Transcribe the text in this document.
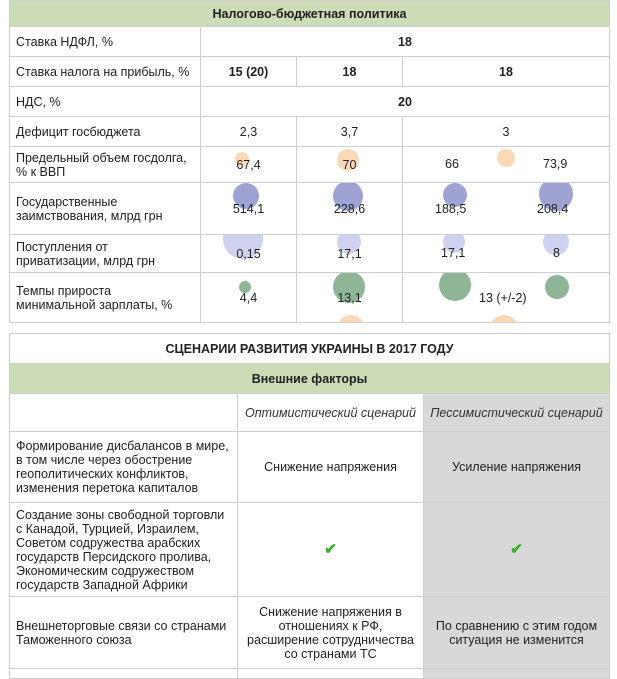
Налогово-бюджетная политика			
Ставка НДФЛ, %	18		
Ставка налога на прибыль, %	15 (20)	18	18
НДС, %	20		
Дефицит госбюджета	2,3	3,7	3
Предельный объем госдолга, % к ВВП	67,4	70	66 73,9

Государственные заимствования, млрд грн	514,1	228,6	188,5 208,4

Поступления от приватизации, млрд грн	0,15	17,1	17,1 8

Темпы прироста минимальной зарплаты, %	4,4	13,1	13 (+/-2)
СЦЕНАРИИ РАЗВИТИЯ УКРАИНЫ В 2017 ГОДУ		
Внешние факторы		
	Оптимистический сценарий	Пессимистический сценарий
Формирование дисбалансов в мире, в том числе через обострение геополитических конфликтов, изменения перетока капиталов	Снижение напряжения	Усиление напряжения
Создание зоны свободной торговли с Канадой, Турцией, Израилем, Советом содружества арабских государств Персидского пролива, Экономическим содружеством государств Западной Африки	✔	✔
Внешнеторговые связи со странами Таможенного союза	Снижение напряжения в отношениях к РФ, расширение сотрудничества со странами ТС	По сравнению с этим годом ситуация не изменится
